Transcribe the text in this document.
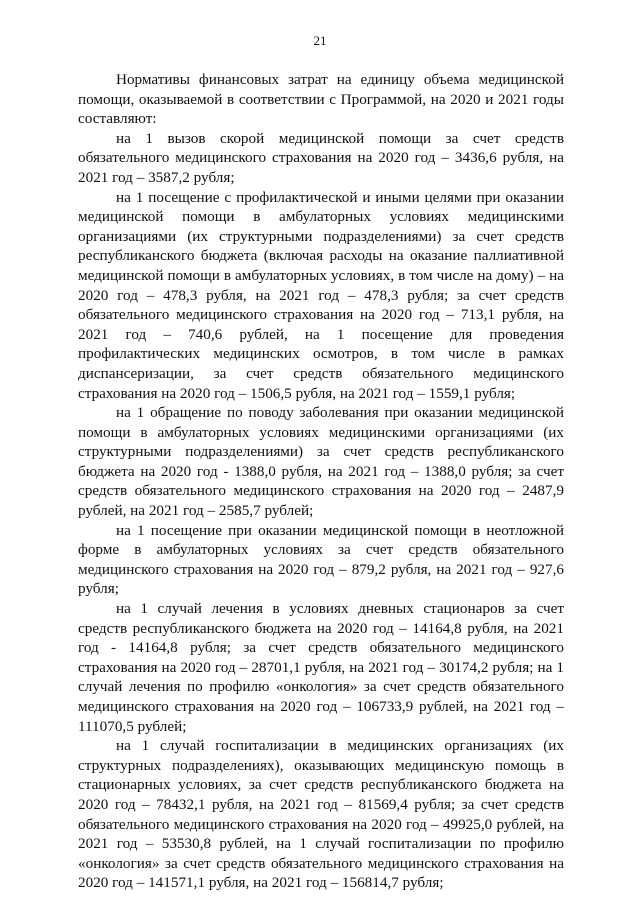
21

Нормативы финансовых затрат на единицу объема медицинской помощи, оказываемой в соответствии с Программой, на 2020 и 2021 годы составляют:

на 1 вызов скорой медицинской помощи за счет средств обязательного медицинского страхования на 2020 год – 3436,6 рубля, на 2021 год – 3587,2 рубля;

на 1 посещение с профилактической и иными целями при оказании медицинской помощи в амбулаторных условиях медицинскими организациями (их структурными подразделениями) за счет средств республиканского бюджета (включая расходы на оказание паллиативной медицинской помощи в амбулаторных условиях, в том числе на дому) – на 2020 год – 478,3 рубля, на 2021 год – 478,3 рубля; за счет средств обязательного медицинского страхования на 2020 год – 713,1 рубля, на 2021 год – 740,6 рублей, на 1 посещение для проведения профилактических медицинских осмотров, в том числе в рамках диспансеризации, за счет средств обязательного медицинского страхования на 2020 год – 1506,5 рубля, на 2021 год – 1559,1 рубля;

на 1 обращение по поводу заболевания при оказании медицинской помощи в амбулаторных условиях медицинскими организациями (их структурными подразделениями) за счет средств республиканского бюджета на 2020 год - 1388,0 рубля, на 2021 год – 1388,0 рубля; за счет средств обязательного медицинского страхования на 2020 год – 2487,9 рублей, на 2021 год – 2585,7 рублей;

на 1 посещение при оказании медицинской помощи в неотложной форме в амбулаторных условиях за счет средств обязательного медицинского страхования на 2020 год – 879,2 рубля, на 2021 год – 927,6 рубля;

на 1 случай лечения в условиях дневных стационаров за счет средств республиканского бюджета на 2020 год – 14164,8 рубля, на 2021 год - 14164,8 рубля; за счет средств обязательного медицинского страхования на 2020 год – 28701,1 рубля, на 2021 год – 30174,2 рубля; на 1 случай лечения по профилю «онкология» за счет средств обязательного медицинского страхования на 2020 год – 106733,9 рублей, на 2021 год – 111070,5 рублей;

на 1 случай госпитализации в медицинских организациях (их структурных подразделениях), оказывающих медицинскую помощь в стационарных условиях, за счет средств республиканского бюджета на 2020 год – 78432,1 рубля, на 2021 год – 81569,4 рубля; за счет средств обязательного медицинского страхования на 2020 год – 49925,0 рублей, на 2021 год – 53530,8 рублей, на 1 случай госпитализации по профилю «онкология» за счет средств обязательного медицинского страхования на 2020 год – 141571,1 рубля, на 2021 год – 156814,7 рубля;
